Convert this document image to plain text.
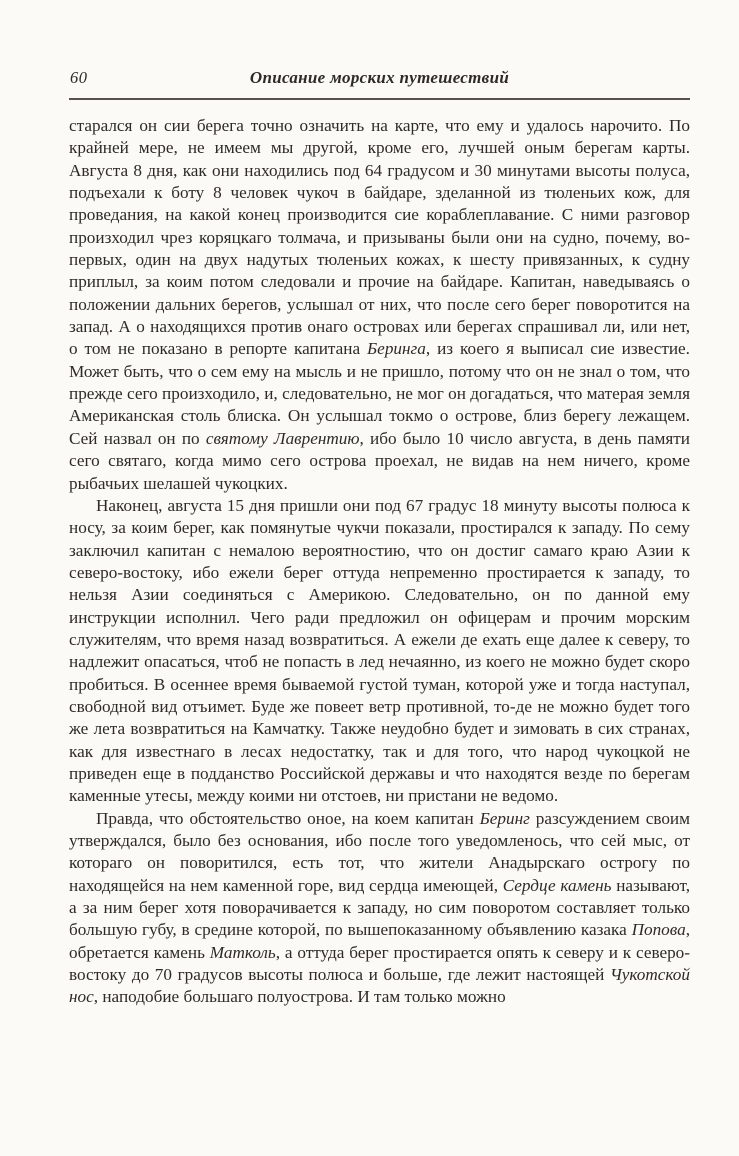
60	Описание морских путешествий

старался он сии берега точно означить на карте, что ему и удалось нарочито. По крайней мере, не имеем мы другой, кроме его, лучшей оным берегам карты. Августа 8 дня, как они находились под 64 градусом и 30 минутами высоты полуса, подъехали к боту 8 человек чукоч в байдаре, зделанной из тюленьих кож, для проведания, на какой конец производится сие кораблеплавание. С ними разговор произходил чрез коряцкаго толмача, и призываны были они на судно, почему, во-первых, один на двух надутых тюленьих кожах, к шесту привязанных, к судну приплыл, за коим потом следовали и прочие на байдаре. Капитан, наведываясь о положении дальних берегов, услышал от них, что после сего берег поворотится на запад. А о находящихся против онаго островах или берегах спрашивал ли, или нет, о том не показано в репорте капитана Беринга, из коего я выписал сие известие. Может быть, что о сем ему на мысль и не пришло, потому что он не знал о том, что прежде сего произходило, и, следовательно, не мог он догадаться, что матерая земля Американская столь блиска. Он услышал токмо о острове, близ берегу лежащем. Сей назвал он по святому Лаврентию, ибо было 10 число августа, в день памяти сего святаго, когда мимо сего острова проехал, не видав на нем ничего, кроме рыбачьих шелашей чукоцких.

Наконец, августа 15 дня пришли они под 67 градус 18 минуту высоты полюса к носу, за коим берег, как помянутые чукчи показали, простирался к западу. По сему заключил капитан с немалою вероятностию, что он достиг самаго краю Азии к северо-востоку, ибо ежели берег оттуда непременно простирается к западу, то нельзя Азии соединяться с Америкою. Следовательно, он по данной ему инструкции исполнил. Чего ради предложил он офицерам и прочим морским служителям, что время назад возвратиться. А ежели де ехать еще далее к северу, то надлежит опасаться, чтоб не попасть в лед нечаянно, из коего не можно будет скоро пробиться. В осеннее время бываемой густой туман, которой уже и тогда наступал, свободной вид отъимет. Буде же повеет ветр противной, то-де не можно будет того же лета возвратиться на Камчатку. Также неудобно будет и зимовать в сих странах, как для известнаго в лесах недостатку, так и для того, что народ чукоцкой не приведен еще в подданство Российской державы и что находятся везде по берегам каменные утесы, между коими ни отстоев, ни пристани не ведомо.

Правда, что обстоятельство оное, на коем капитан Беринг разсуждением своим утверждался, было без основания, ибо после того уведомленось, что сей мыс, от котораго он поворитился, есть тот, что жители Анадырскаго острогу по находящейся на нем каменной горе, вид сердца имеющей, Сердце камень называют, а за ним берег хотя поворачивается к западу, но сим поворотом составляет только большую губу, в средине которой, по вышепоказанному объявлению казака Попова, обретается камень Матколь, а оттуда берег простирается опять к северу и к северо-востоку до 70 градусов высоты полюса и больше, где лежит настоящей Чукотской нос, наподобие большаго полуострова. И там только можно
